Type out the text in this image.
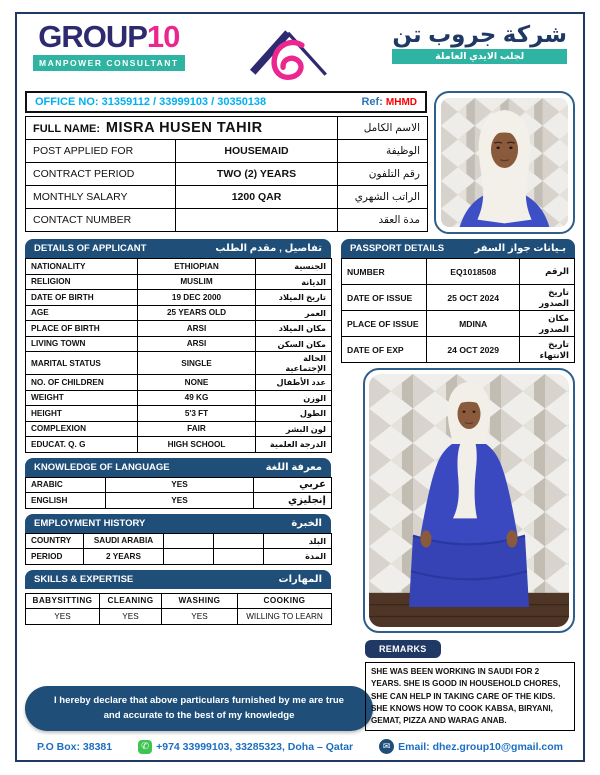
GROUP10
MANPOWER CONSULTANT
شركة جروب تن
لجلب الايدي العاملة
OFFICE NO: 31359112 / 33999103 / 30350138	Ref: MHMD
FULL NAME: MISRA HUSEN TAHIR		الاسم الكامل
POST APPLIED FOR	HOUSEMAID	الوظيفة
CONTRACT PERIOD	TWO (2) YEARS	رقم التلفون
MONTHLY SALARY	1200 QAR	الراتب الشهري
CONTACT NUMBER		مدة العقد
DETAILS OF APPLICANT	تفاصيل , مقدم الطلب
NATIONALITY	ETHIOPIAN	الجنسية
RELIGION	MUSLIM	الديانة
DATE OF BIRTH	19 DEC 2000	تاريخ الميلاد
AGE	25 YEARS OLD	العمر
PLACE OF BIRTH	ARSI	مكان الميلاد
LIVING TOWN	ARSI	مكان السكن
MARITAL STATUS	SINGLE	الحالة الإجتماعية
NO. OF CHILDREN	NONE	عدد الأطفال
WEIGHT	49 KG	الوزن
HEIGHT	5'3 FT	الطول
COMPLEXION	FAIR	لون البشر
EDUCAT. Q. G	HIGH SCHOOL	الدرجة العلمية
KNOWLEDGE OF LANGUAGE	معرفة اللغة
ARABIC	YES	عربي
ENGLISH	YES	إنجليزي
EMPLOYMENT HISTORY	الخبرة
COUNTRY	SAUDI ARABIA			البلد
PERIOD	2 YEARS			المدة
SKILLS & EXPERTISE	المهارات
BABYSITTING	CLEANING	WASHING	COOKING
YES	YES	YES	WILLING TO LEARN
I hereby declare that above particulars furnished by me are true and accurate to the best of my knowledge
PASSPORT DETAILS	بـيانات جواز السفر
NUMBER	EQ1018508	الرقم
DATE OF ISSUE	25 OCT 2024	تاريخ الصدور
PLACE OF ISSUE	MDINA	مكان الصدور
DATE OF EXP	24 OCT 2029	تاريخ الانتهاء
REMARKS
SHE WAS BEEN WORKING IN SAUDI FOR 2 YEARS. SHE IS GOOD IN HOUSEHOLD CHORES, SHE CAN HELP IN TAKING CARE OF THE KIDS. SHE KNOWS HOW TO COOK KABSA, BIRYANI, GEMAT, PIZZA AND WARAG ANAB.
P.O Box: 38381	✆ +974 33999103, 33285323, Doha – Qatar	✉ Email: dhez.group10@gmail.com
